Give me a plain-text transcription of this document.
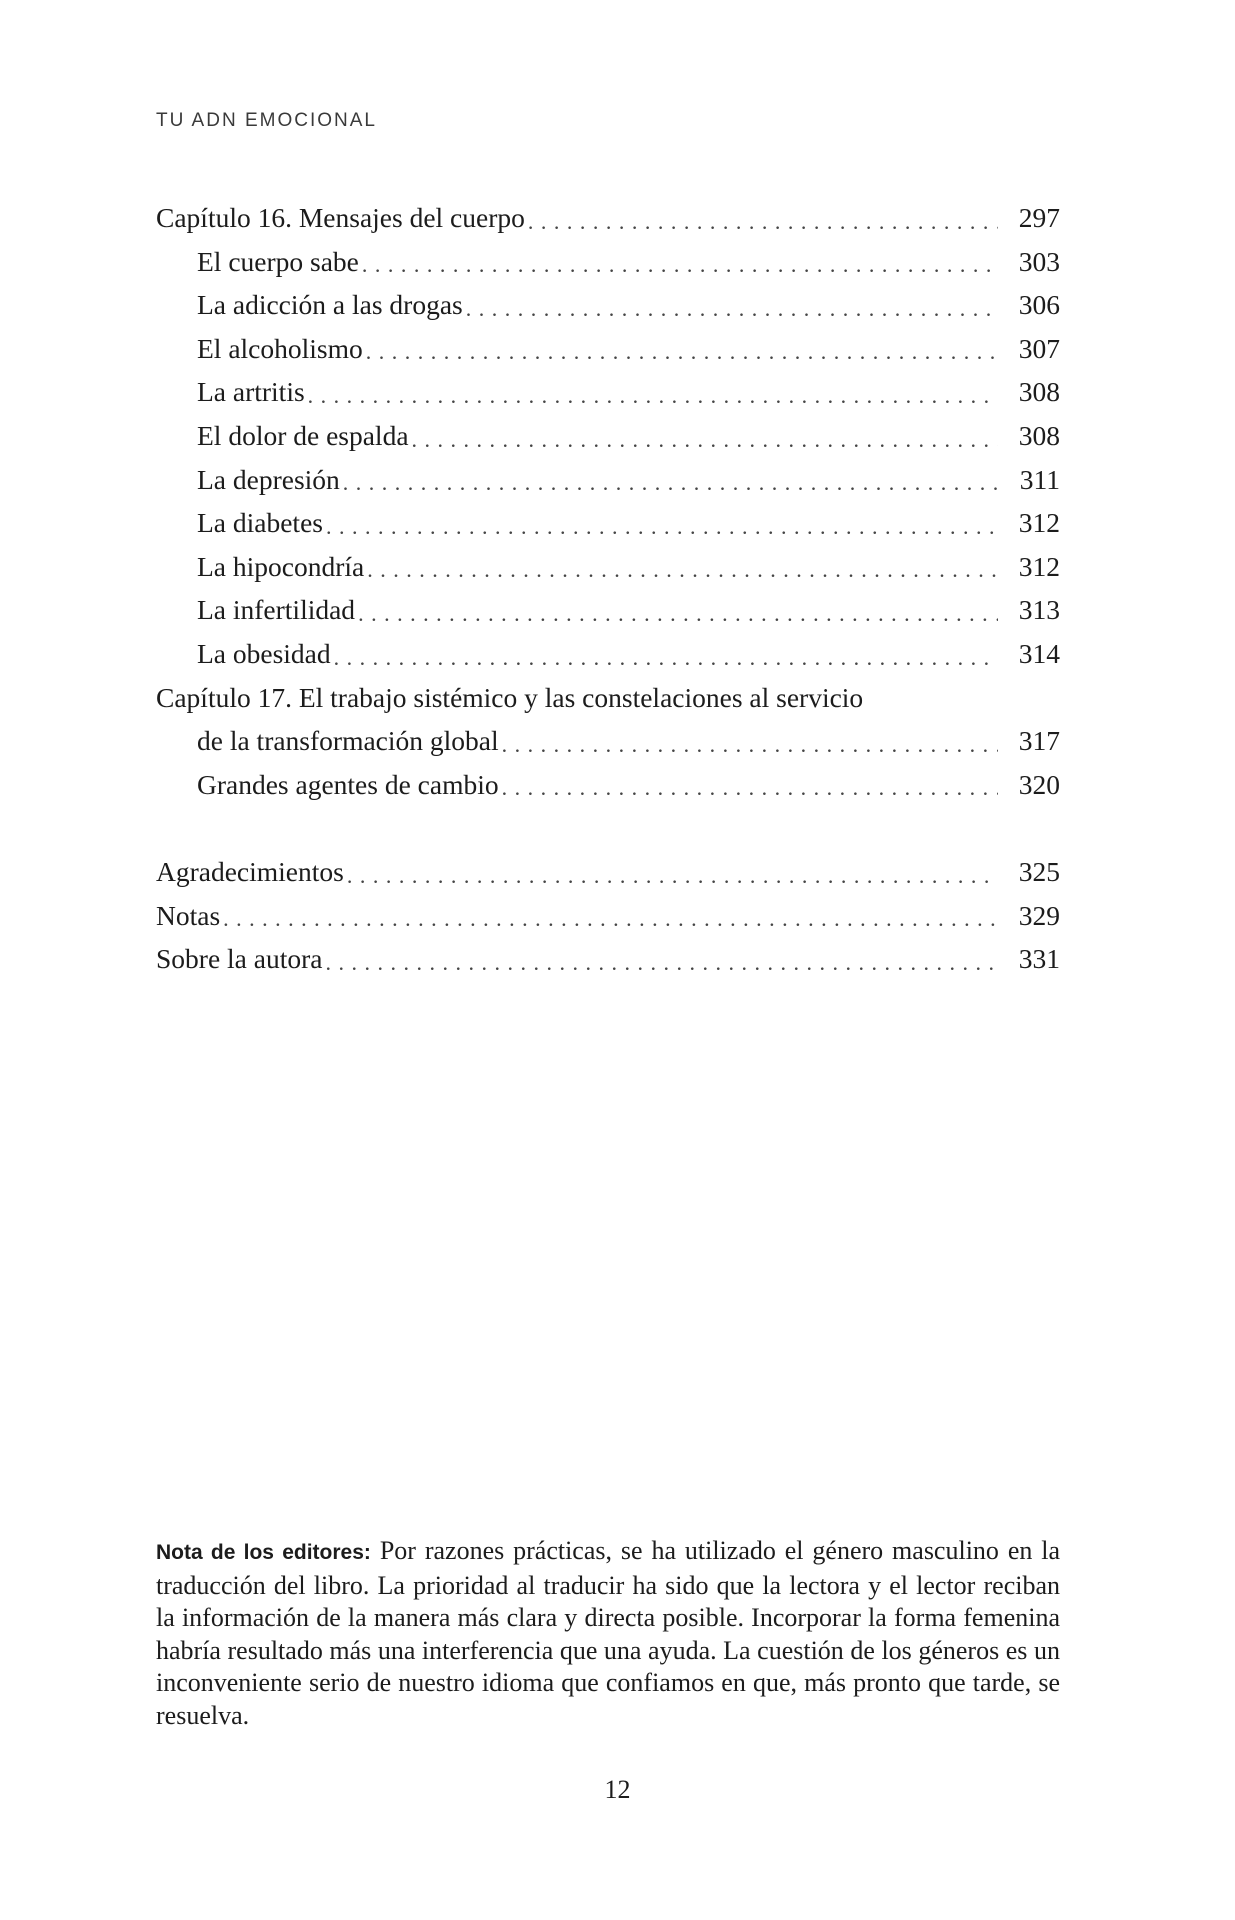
TU ADN EMOCIONAL
Capítulo 16. Mensajes del cuerpo . . .	297
El cuerpo sabe . . .	303
La adicción a las drogas . . .	306
El alcoholismo . . .	307
La artritis . . .	308
El dolor de espalda . . .	308
La depresión . . .	311
La diabetes . . .	312
La hipocondría . . .	312
La infertilidad . . .	313
La obesidad . . .	314
Capítulo 17. El trabajo sistémico y las constelaciones al servicio
de la transformación global . . .	317
Grandes agentes de cambio . . .	320
Agradecimientos . . .	325
Notas . . .	329
Sobre la autora . . .	331
Nota de los editores: Por razones prácticas, se ha utilizado el género masculino en la traducción del libro. La prioridad al traducir ha sido que la lectora y el lector reciban la información de la manera más clara y directa posible. Incorporar la forma femenina habría resultado más una interferencia que una ayuda. La cuestión de los géneros es un inconveniente serio de nuestro idioma que confiamos en que, más pronto que tarde, se resuelva.
12
